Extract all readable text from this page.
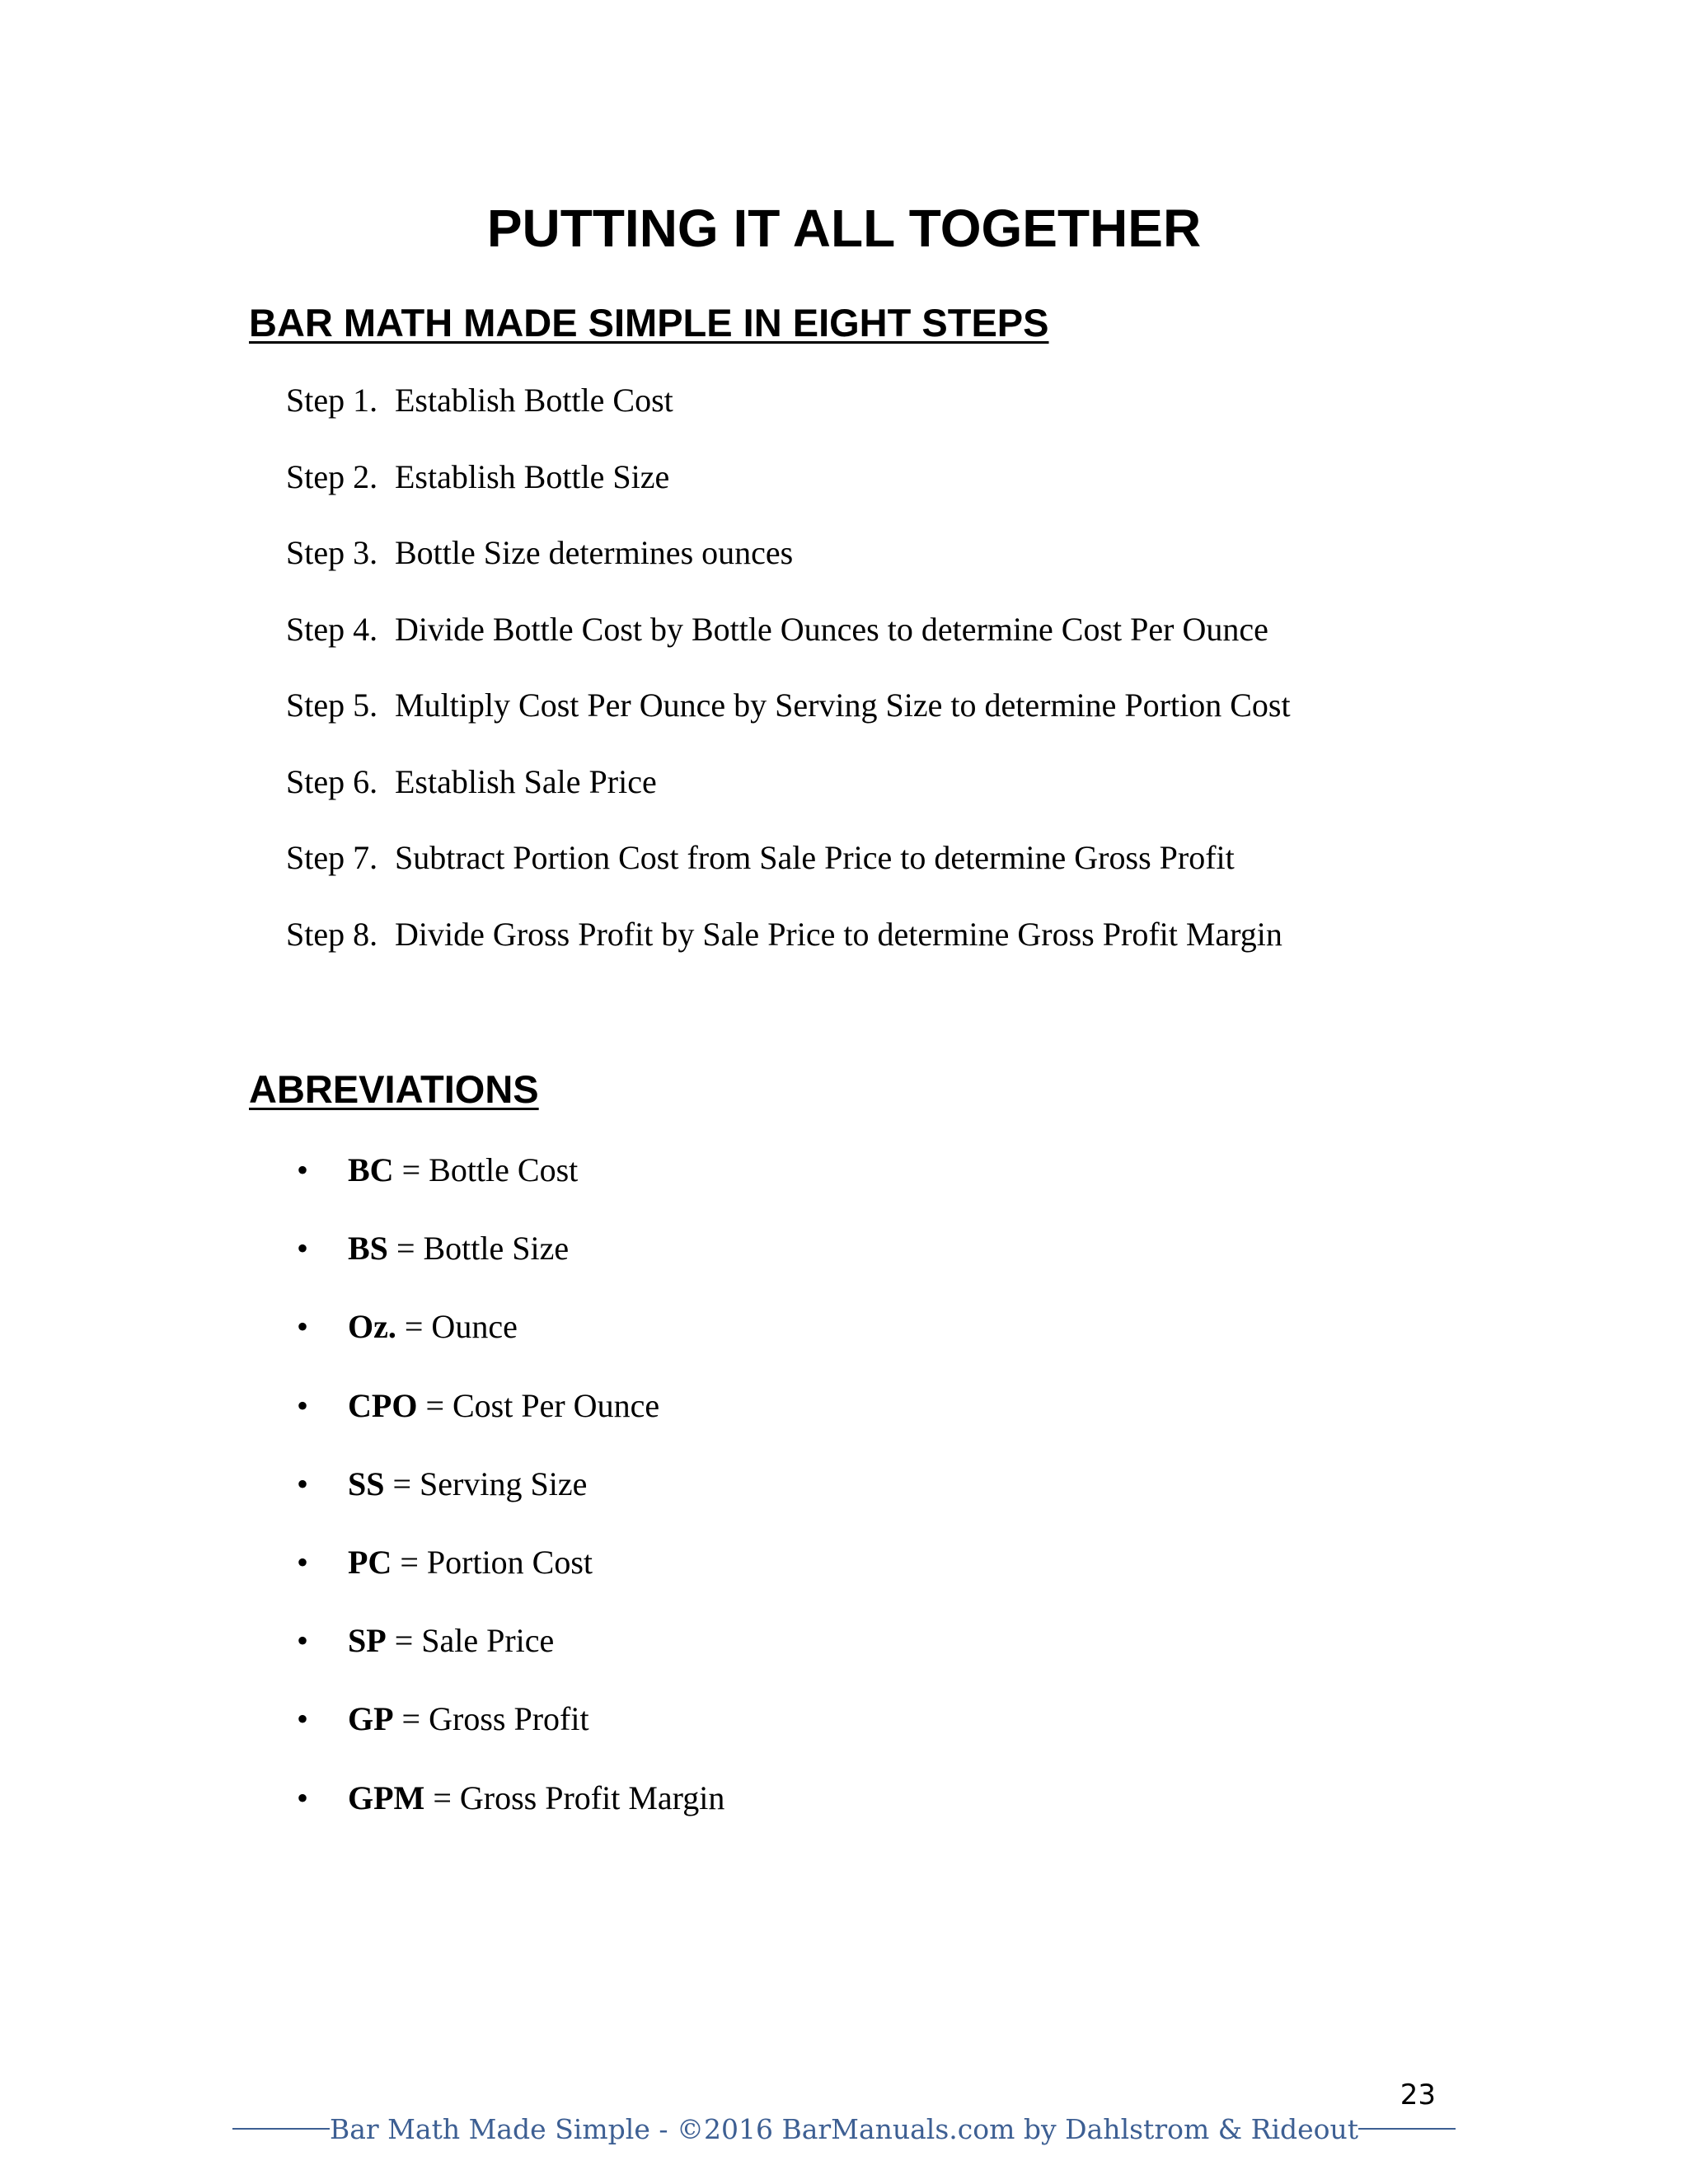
PUTTING IT ALL TOGETHER
BAR MATH MADE SIMPLE IN EIGHT STEPS
Step 1. Establish Bottle Cost
Step 2. Establish Bottle Size
Step 3. Bottle Size determines ounces
Step 4. Divide Bottle Cost by Bottle Ounces to determine Cost Per Ounce
Step 5. Multiply Cost Per Ounce by Serving Size to determine Portion Cost
Step 6. Establish Sale Price
Step 7. Subtract Portion Cost from Sale Price to determine Gross Profit
Step 8. Divide Gross Profit by Sale Price to determine Gross Profit Margin
ABREVIATIONS
• BC = Bottle Cost
• BS = Bottle Size
• Oz. = Ounce
• CPO = Cost Per Ounce
• SS = Serving Size
• PC = Portion Cost
• SP = Sale Price
• GP = Gross Profit
• GPM = Gross Profit Margin
23
Bar Math Made Simple - ©2016 BarManuals.com by Dahlstrom & Rideout
